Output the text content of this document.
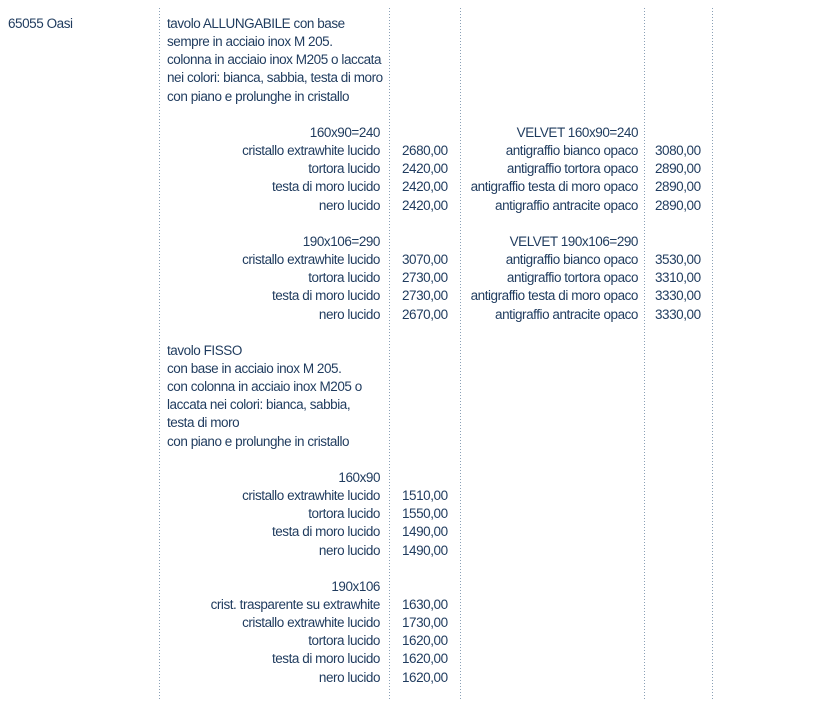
65055 Oasi	tavolo ALLUNGABILE con base
sempre in acciaio inox M 205.
colonna in acciaio inox M205 o laccata
nei colori: bianca, sabbia, testa di moro
con piano e prolunghe in cristallo
160x90=240	VELVET 160x90=240
cristallo extrawhite lucido	2680,00	antigraffio bianco opaco	3080,00
tortora lucido	2420,00	antigraffio tortora opaco	2890,00
testa di moro lucido	2420,00	antigraffio testa di moro opaco	2890,00
nero lucido	2420,00	antigraffio antracite opaco	2890,00
190x106=290	VELVET 190x106=290
cristallo extrawhite lucido	3070,00	antigraffio bianco opaco	3530,00
tortora lucido	2730,00	antigraffio tortora opaco	3310,00
testa di moro lucido	2730,00	antigraffio testa di moro opaco	3330,00
nero lucido	2670,00	antigraffio antracite opaco	3330,00
tavolo FISSO
con base in acciaio inox M 205.
con colonna in acciaio inox M205 o
laccata nei colori: bianca, sabbia,
testa di moro
con piano e prolunghe in cristallo
160x90
cristallo extrawhite lucido	1510,00
tortora lucido	1550,00
testa di moro lucido	1490,00
nero lucido	1490,00
190x106
crist. trasparente su extrawhite	1630,00
cristallo extrawhite lucido	1730,00
tortora lucido	1620,00
testa di moro lucido	1620,00
nero lucido	1620,00
